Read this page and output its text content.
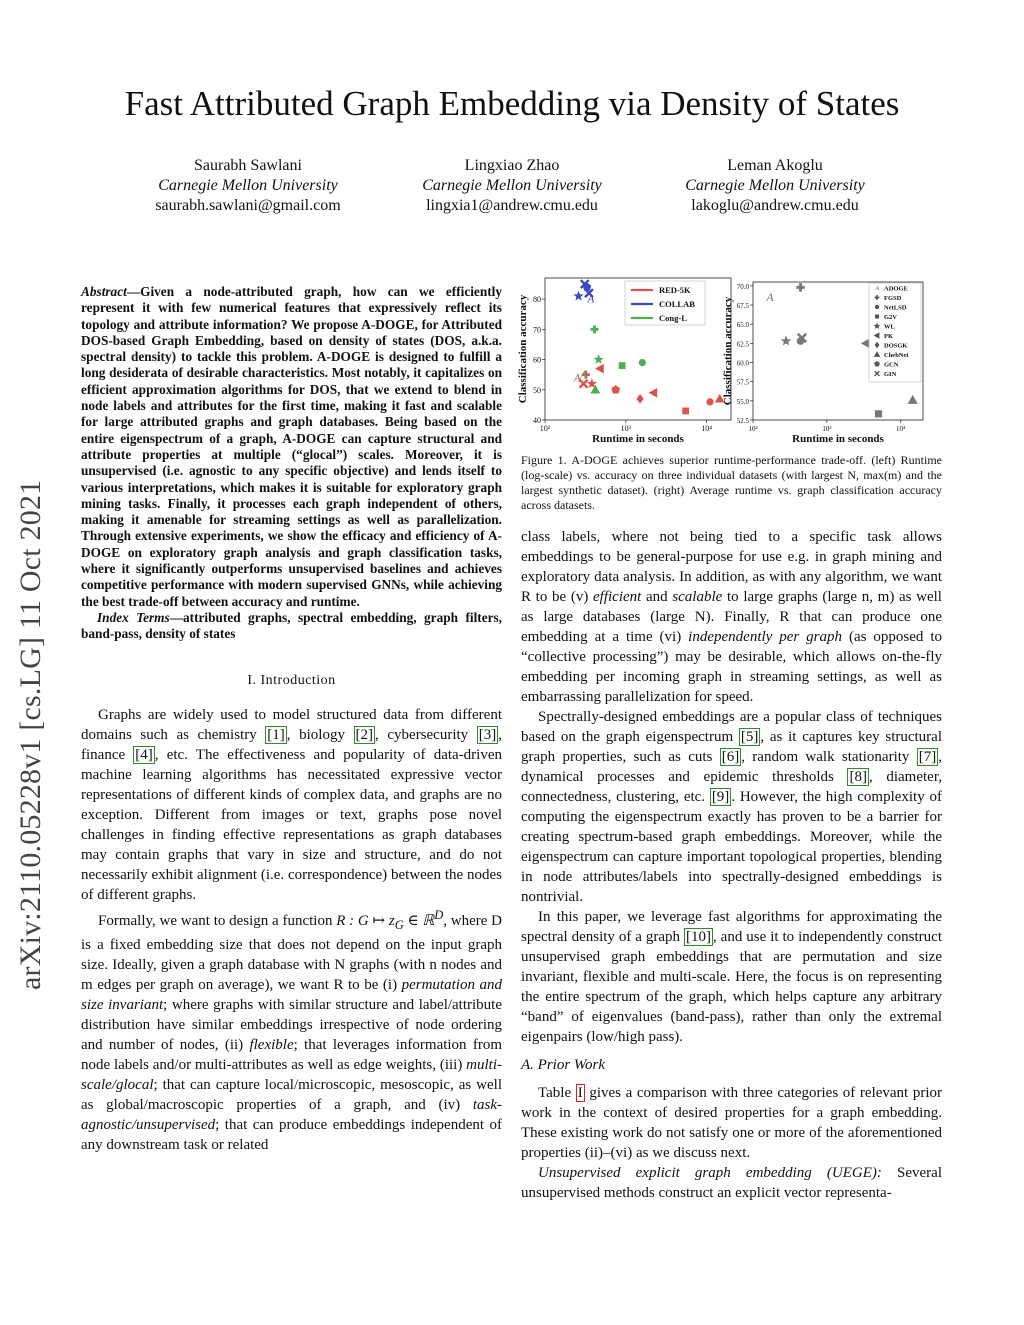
arXiv:2110.05228v1 [cs.LG] 11 Oct 2021
Fast Attributed Graph Embedding via Density of States
Saurabh Sawlani
Carnegie Mellon University
saurabh.sawlani@gmail.com
Lingxiao Zhao
Carnegie Mellon University
lingxia1@andrew.cmu.edu
Leman Akoglu
Carnegie Mellon University
lakoglu@andrew.cmu.edu

Abstract—Given a node-attributed graph, how can we efficiently represent it with few numerical features that expressively reflect its topology and attribute information? We propose A-DOGE, for Attributed DOS-based Graph Embedding, based on density of states (DOS, a.k.a. spectral density) to tackle this problem. A-DOGE is designed to fulfill a long desiderata of desirable characteristics. Most notably, it capitalizes on efficient approximation algorithms for DOS, that we extend to blend in node labels and attributes for the first time, making it fast and scalable for large attributed graphs and graph databases. Being based on the entire eigenspectrum of a graph, A-DOGE can capture structural and attribute properties at multiple (“glocal”) scales. Moreover, it is unsupervised (i.e. agnostic to any specific objective) and lends itself to various interpretations, which makes it is suitable for exploratory graph mining tasks. Finally, it processes each graph independent of others, making it amenable for streaming settings as well as parallelization. Through extensive experiments, we show the efficacy and efficiency of A-DOGE on exploratory graph analysis and graph classification tasks, where it significantly outperforms unsupervised baselines and achieves competitive performance with modern supervised GNNs, while achieving the best trade-off between accuracy and runtime.

Index Terms—attributed graphs, spectral embedding, graph filters, band-pass, density of states

I. Introduction

Graphs are widely used to model structured data from different domains such as chemistry [1] , biology [2] , cybersecurity [3] , finance [4] , etc. The effectiveness and popularity of data-driven machine learning algorithms has necessitated expressive vector representations of different kinds of complex data, and graphs are no exception. Different from images or text, graphs pose novel challenges in finding effective representations as graph databases may contain graphs that vary in size and structure, and do not necessarily exhibit alignment (i.e. correspondence) between the nodes of different graphs.

Formally, we want to design a function R : G ↦ $z_G$ ∈ ℝ$^D$, where D is a fixed embedding size that does not depend on the input graph size. Ideally, given a graph database with N graphs (with n nodes and m edges per graph on average), we want R to be (i) permutation and size invariant; where graphs with similar structure and label/attribute distribution have similar embeddings irrespective of node ordering and number of nodes, (ii) flexible; that leverages information from node labels and/or multi-attributes as well as edge weights, (iii) multi-scale/glocal; that can capture local/microscopic, mesoscopic, as well as global/macroscopic properties of a graph, and (iv) task-agnostic/unsupervised; that can produce embeddings independent of any downstream task or related

40
50
60
70
80
10²	10³	10⁴
Runtime in seconds
Classification accuracy	A
A
A
RED-5K
COLLAB
Cong-L
52.5
55.0
57.5
60.0
62.5
65.0
67.5
70.0
10²	10³	10⁴
Runtime in seconds
Classification accuracy	A
A ADOGE
FGSD
NetLSD
G2V
WL
PK
DOSGK
ChebNet
GCN
GIN
Figure 1. A-DOGE achieves superior runtime-performance trade-off. (left) Runtime (log-scale) vs. accuracy on three individual datasets (with largest N, max(m) and the largest synthetic dataset). (right) Average runtime vs. graph classification accuracy across datasets.

class labels, where not being tied to a specific task allows embeddings to be general-purpose for use e.g. in graph mining and exploratory data analysis. In addition, as with any algorithm, we want R to be (v) efficient and scalable to large graphs (large n, m) as well as large databases (large N). Finally, R that can produce one embedding at a time (vi) independently per graph (as opposed to “collective processing”) may be desirable, which allows on-the-fly embedding per incoming graph in streaming settings, as well as embarrassing parallelization for speed.

Spectrally-designed embeddings are a popular class of techniques based on the graph eigenspectrum [5] , as it captures key structural graph properties, such as cuts [6] , random walk stationarity [7] , dynamical processes and epidemic thresholds [8] , diameter, connectedness, clustering, etc. [9] . However, the high complexity of computing the eigenspectrum exactly has proven to be a barrier for creating spectrum-based graph embeddings. Moreover, while the eigenspectrum can capture important topological properties, blending in node attributes/labels into spectrally-designed embeddings is nontrivial.

In this paper, we leverage fast algorithms for approximating the spectral density of a graph [10] , and use it to independently construct unsupervised graph embeddings that are permutation and size invariant, flexible and multi-scale. Here, the focus is on representing the entire spectrum of the graph, which helps capture any arbitrary “band” of eigenvalues (band-pass), rather than only the extremal eigenpairs (low/high pass).

A. Prior Work

Table I gives a comparison with three categories of relevant prior work in the context of desired properties for a graph embedding. These existing work do not satisfy one or more of the aforementioned properties (ii)–(vi) as we discuss next.

Unsupervised explicit graph embedding (UEGE): Several unsupervised methods construct an explicit vector representa-
